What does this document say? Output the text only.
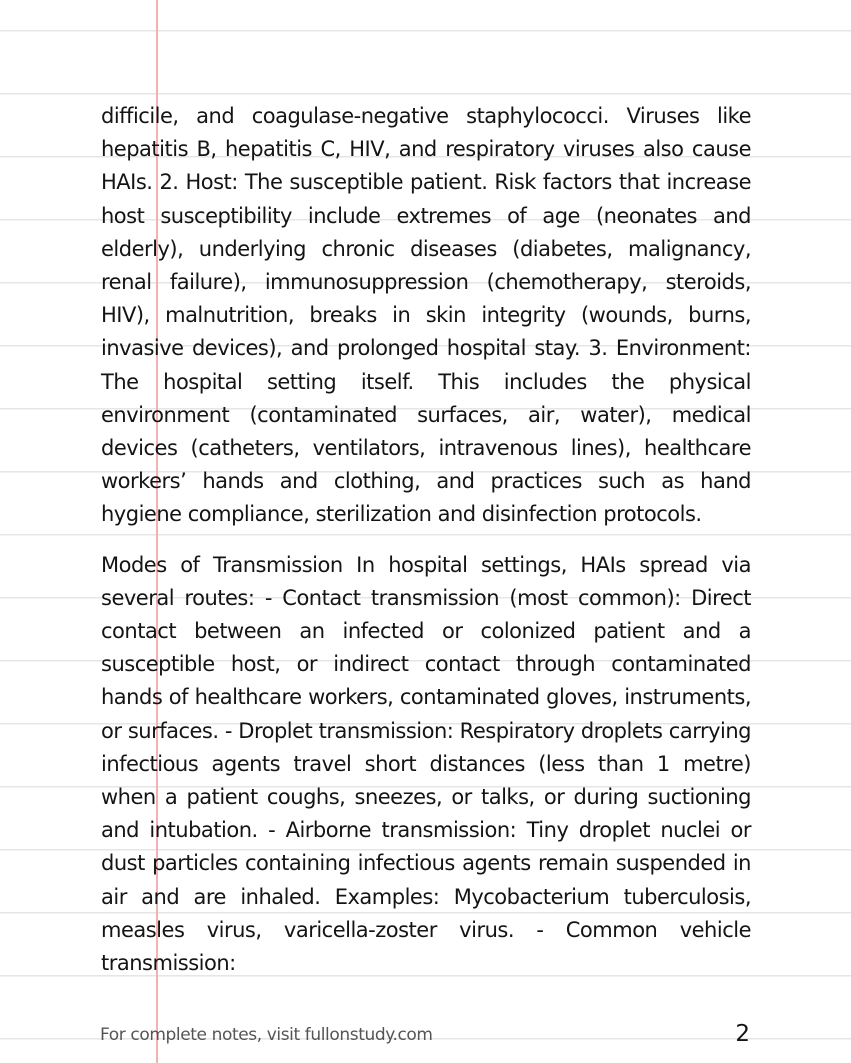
difficile, and coagulase-negative staphylococci. Viruses like hepatitis B, hepatitis C, HIV, and respiratory viruses also cause HAIs. 2. Host: The susceptible patient. Risk factors that increase host susceptibility include extremes of age (neonates and elderly), underlying chronic diseases (diabetes, malignancy, renal failure), immunosuppression (chemotherapy, steroids, HIV), malnutrition, breaks in skin integrity (wounds, burns, invasive devices), and prolonged hospital stay. 3. Environment: The hospital setting itself. This includes the physical environment (contaminated surfaces, air, water), medical devices (catheters, ventilators, intravenous lines), healthcare workers’ hands and clothing, and practices such as hand hygiene compliance, sterilization and disinfection protocols.

Modes of Transmission In hospital settings, HAIs spread via several routes: - Contact transmission (most common): Direct contact between an infected or colonized patient and a susceptible host, or indirect contact through contaminated hands of healthcare workers, contaminated gloves, instruments, or surfaces. - Droplet transmission: Respiratory droplets carrying infectious agents travel short distances (less than 1 metre) when a patient coughs, sneezes, or talks, or during suctioning and intubation. - Airborne transmission: Tiny droplet nuclei or dust particles containing infectious agents remain suspended in air and are inhaled. Examples: Mycobacterium tuberculosis, measles virus, varicella-zoster virus. - Common vehicle transmission:

For complete notes, visit fullonstudy.com	2
